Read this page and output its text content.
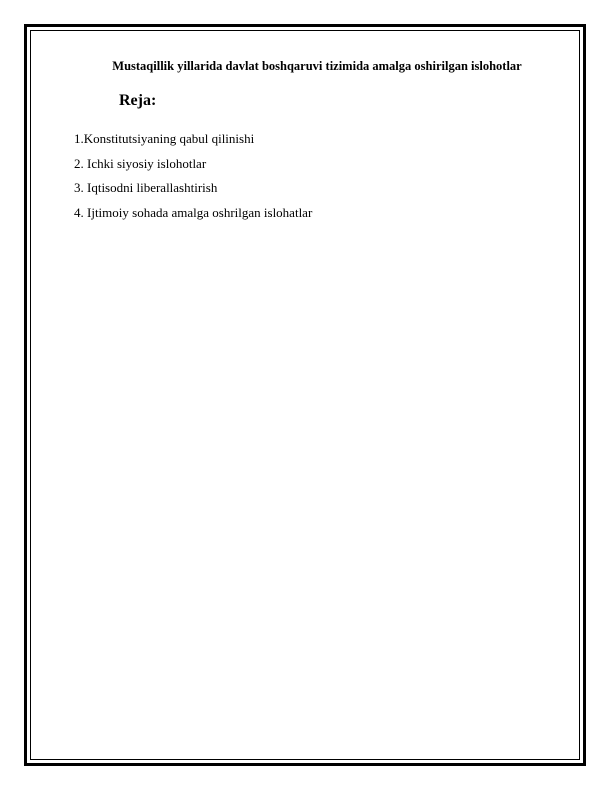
Mustaqillik yillarida davlat boshqaruvi tizimida amalga oshirilgan islohotlar
Reja:
1.Konstitutsiyaning qabul qilinishi
2. Ichki siyosiy islohotlar
3. Iqtisodni liberallashtirish
4. Ijtimoiy sohada amalga oshrilgan islohatlar
